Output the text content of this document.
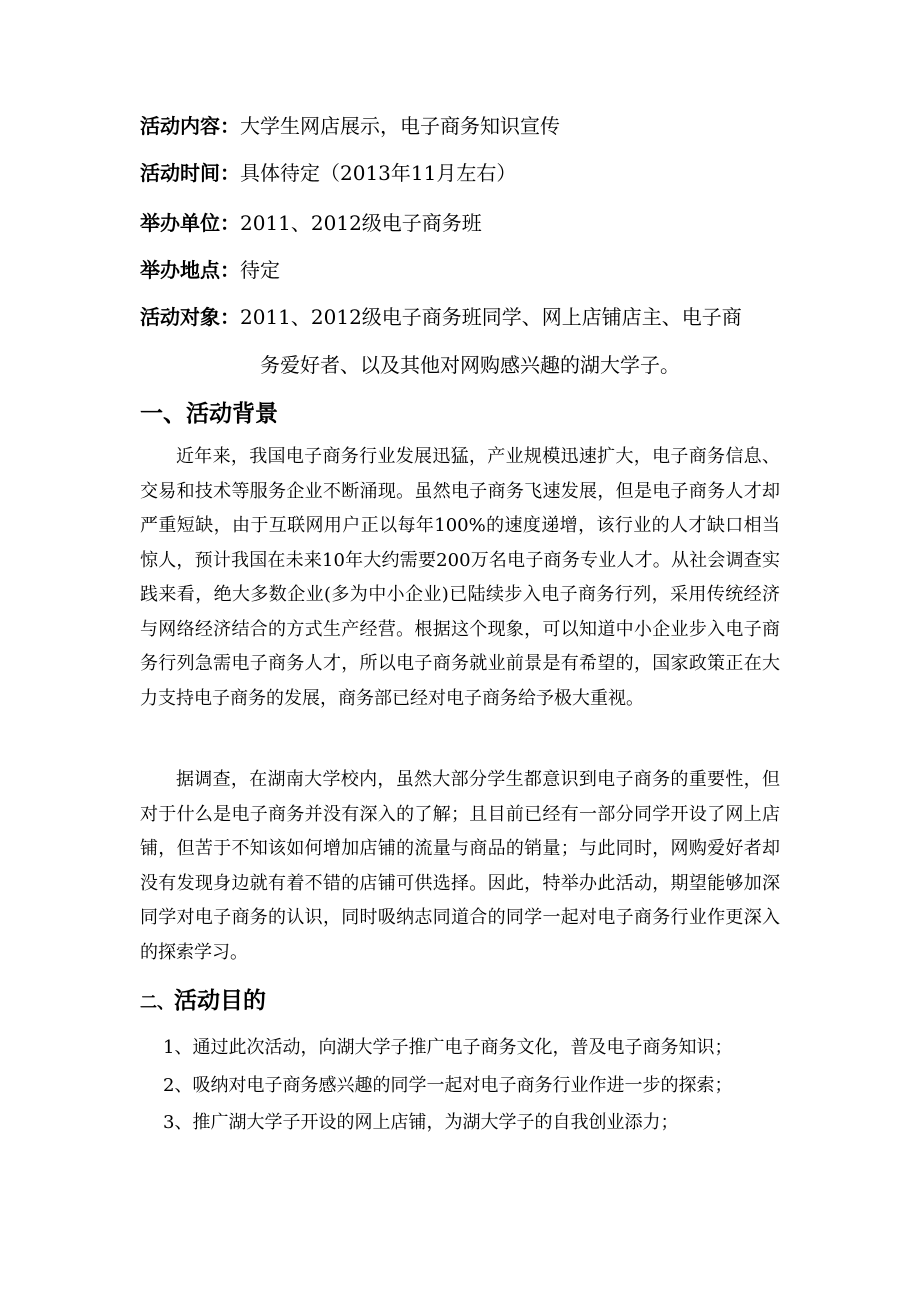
活动内容：大学生网店展示，电子商务知识宣传
活动时间：具体待定（2013年11月左右）
举办单位：2011、2012级电子商务班
举办地点：待定
活动对象：2011、2012级电子商务班同学、网上店铺店主、电子商
务爱好者、以及其他对网购感兴趣的湖大学子。
一、活动背景
近年来，我国电子商务行业发展迅猛，产业规模迅速扩大，电子商务信息、交易和技术等服务企业不断涌现。虽然电子商务飞速发展，但是电子商务人才却严重短缺，由于互联网用户正以每年100%的速度递增，该行业的人才缺口相当惊人，预计我国在未来10年大约需要200万名电子商务专业人才。从社会调查实践来看，绝大多数企业(多为中小企业)已陆续步入电子商务行列，采用传统经济与网络经济结合的方式生产经营。根据这个现象，可以知道中小企业步入电子商务行列急需电子商务人才，所以电子商务就业前景是有希望的，国家政策正在大力支持电子商务的发展，商务部已经对电子商务给予极大重视。
据调查，在湖南大学校内，虽然大部分学生都意识到电子商务的重要性，但对于什么是电子商务并没有深入的了解；且目前已经有一部分同学开设了网上店铺，但苦于不知该如何增加店铺的流量与商品的销量；与此同时，网购爱好者却没有发现身边就有着不错的店铺可供选择。因此，特举办此活动，期望能够加深同学对电子商务的认识，同时吸纳志同道合的同学一起对电子商务行业作更深入的探索学习。
二、活动目的
1、通过此次活动，向湖大学子推广电子商务文化，普及电子商务知识；
2、吸纳对电子商务感兴趣的同学一起对电子商务行业作进一步的探索；
3、推广湖大学子开设的网上店铺，为湖大学子的自我创业添力；
